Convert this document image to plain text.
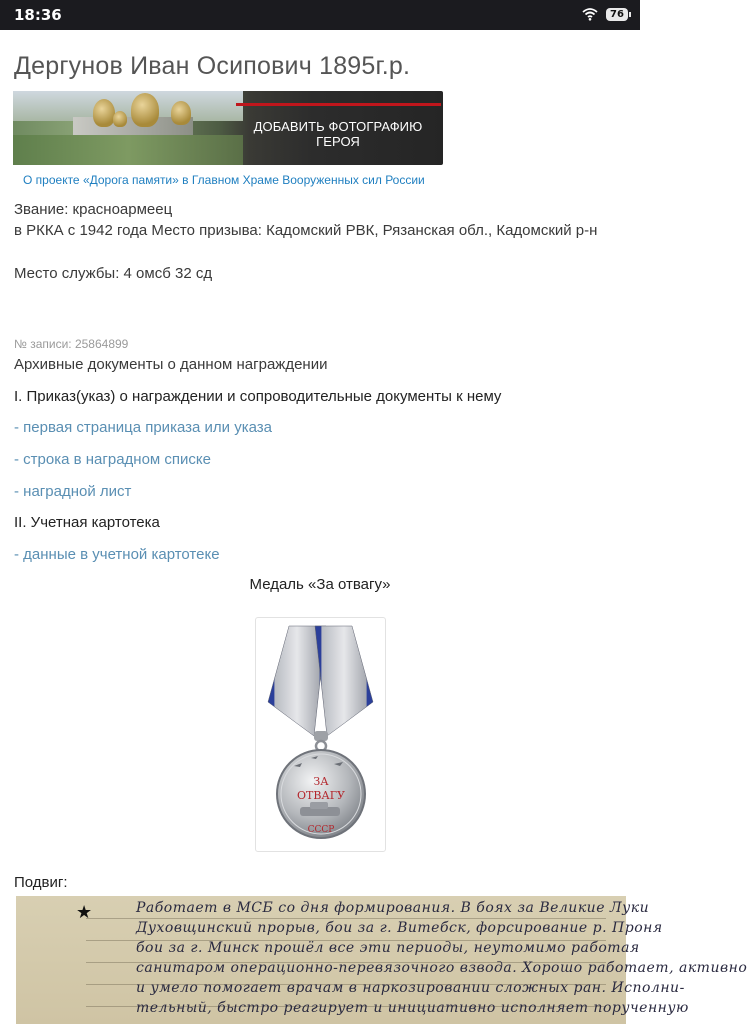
18:36	76
Дергунов Иван Осипович 1895г.р.
ДОБАВИТЬ ФОТОГРАФИЮ ГЕРОЯ
О проекте «Дорога памяти» в Главном Храме Вооруженных сил России
Звание: красноармеец
в РККА с 1942 года Место призыва: Кадомский РВК, Рязанская обл., Кадомский р-н
Место службы: 4 омсб 32 сд
№ записи: 25864899
Архивные документы о данном награждении
I. Приказ(указ) о награждении и сопроводительные документы к нему
- первая страница приказа или указа
- строка в наградном списке
- наградной лист
II. Учетная картотека
- данные в учетной картотеке
Медаль «За отвагу»
ЗА
ОТВАГУ
СССР
Подвиг:
★	Работает в МСБ со дня формирования. В боях за Великие Луки
Духовщинский прорыв, бои за г. Витебск, форсирование р. Проня
бои за г. Минск прошёл все эти периоды, неутомимо работая
санитаром операционно-перевязочного взвода. Хорошо работает, активно
и умело помогает врачам в наркозировании сложных ран. Исполни-
тельный, быстро реагирует и инициативно исполняет порученную
